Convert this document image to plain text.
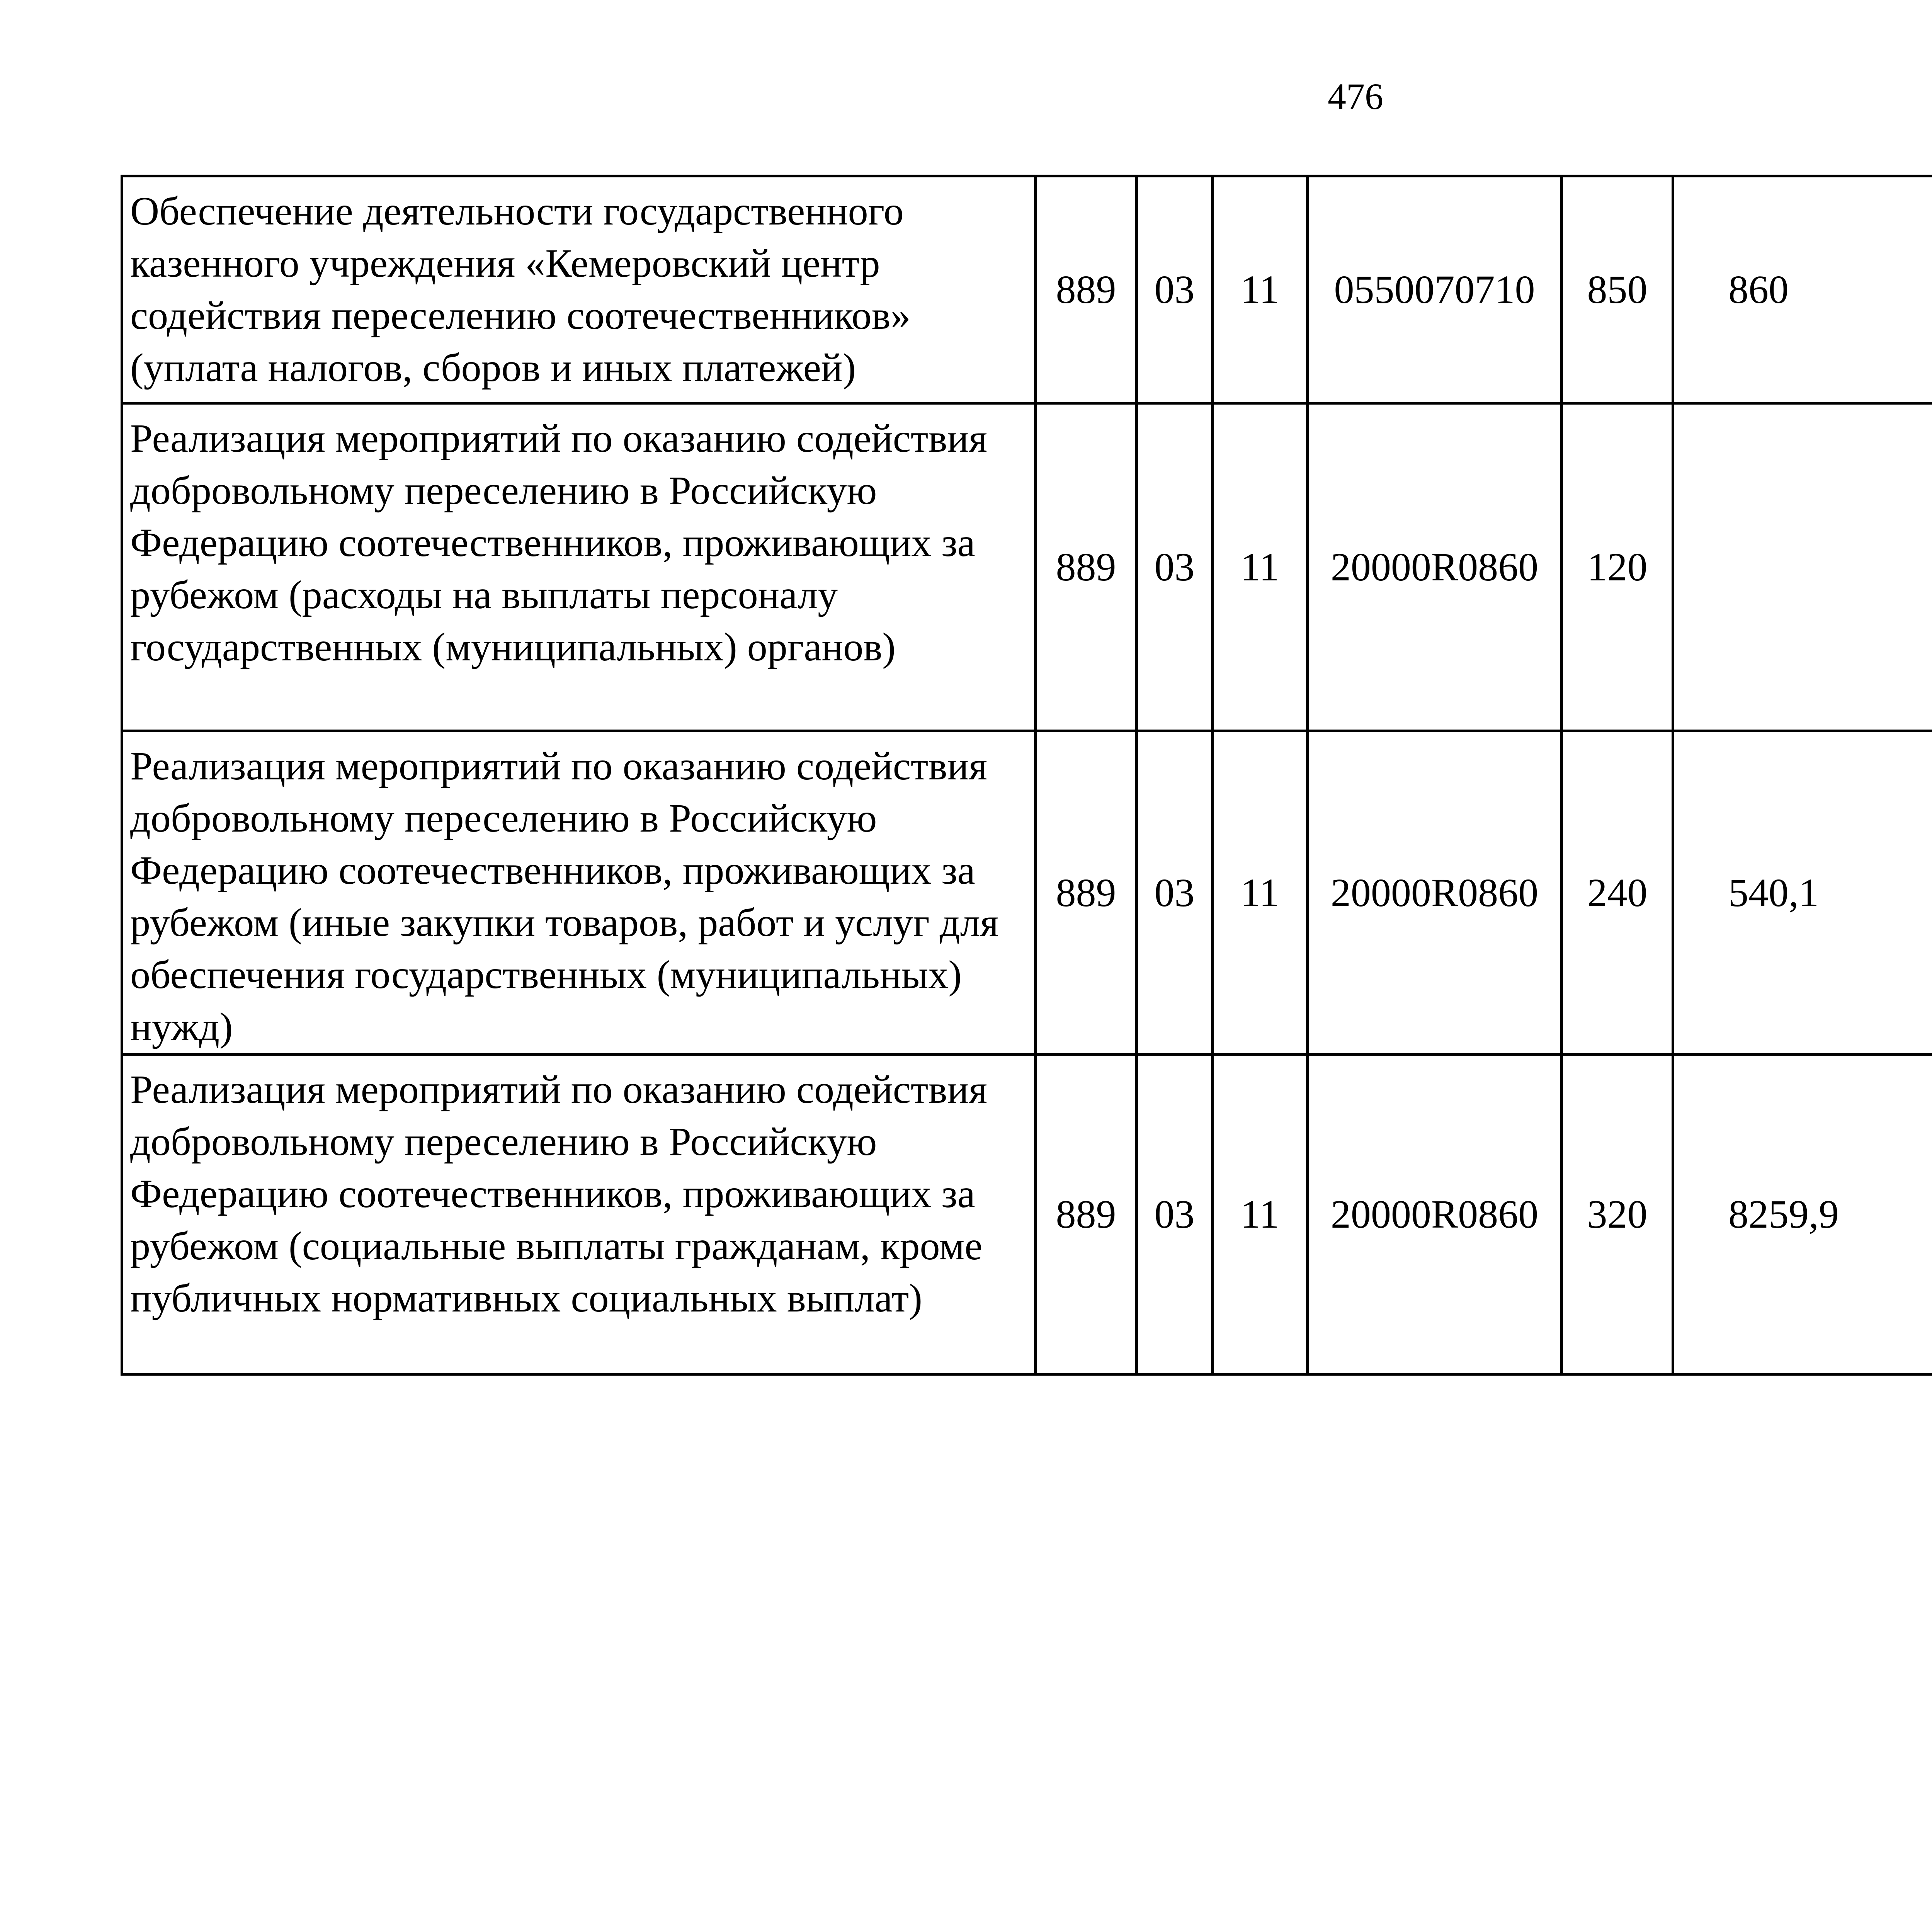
476
Обеспечение деятельности государственного казенного учреждения «Кемеровский центр содействия переселению соотечественников» (уплата налогов, сборов и иных платежей)	889	03	11	0550070710	850	860		
Реализация мероприятий по оказанию содействия добровольному переселению в Российскую Федерацию соотечественников, проживающих за рубежом (расходы на выплаты персоналу государственных (муниципальных) органов)	889	03	11	20000R0860	120			
Реализация мероприятий по оказанию содействия добровольному переселению в Российскую Федерацию соотечественников, проживающих за рубежом (иные закупки товаров, работ и услуг для обеспечения государственных (муниципальных) нужд)	889	03	11	20000R0860	240	540,1		
Реализация мероприятий по оказанию содействия добровольному переселению в Российскую Федерацию соотечественников, проживающих за рубежом (социальные выплаты гражданам, кроме публичных нормативных социальных выплат)	889	03	11	20000R0860	320	8259,9		
